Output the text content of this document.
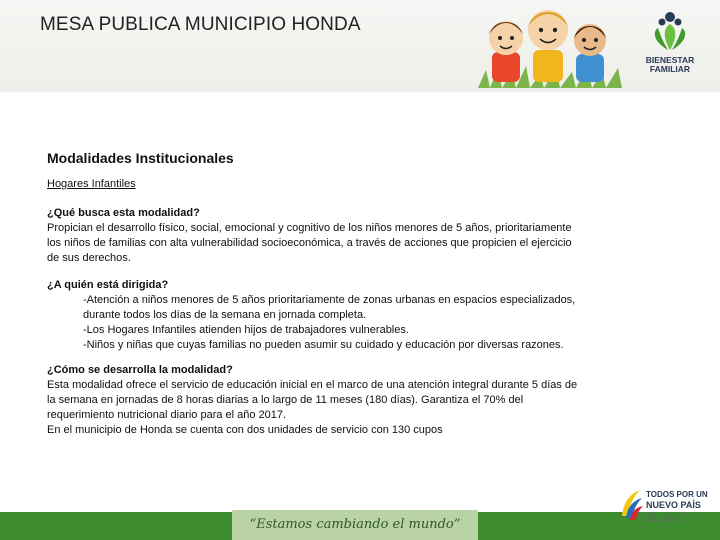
MESA PUBLICA MUNICIPIO HONDA
BIENESTAR
FAMILIAR
Modalidades Institucionales
Hogares Infantiles
¿Qué busca esta modalidad?
Propician el desarrollo físico, social, emocional y cognitivo de los niños menores de 5 años, prioritariamente
los niños de familias con alta vulnerabilidad socioeconómica, a través de acciones que propicien el ejercicio
de sus derechos.
¿A quién está dirigida?
-Atención a niños menores de 5 años prioritariamente de zonas urbanas en espacios especializados,
durante todos los días de la semana en jornada completa.
-Los Hogares Infantiles atienden hijos de trabajadores vulnerables.
-Niños y niñas que cuyas familias no pueden asumir su cuidado y educación por diversas razones.
¿Cómo se desarrolla la modalidad?
Esta modalidad ofrece el servicio de educación inicial en el marco de una atención integral durante 5 días de
la semana en jornadas de 8 horas diarias a lo largo de 11 meses (180 días). Garantiza el 70% del
requerimiento nutricional diario para el año 2017.
En el municipio de Honda se cuenta con dos unidades de servicio con 130 cupos
“Estamos cambiando el mundo”
TODOS POR UN
NUEVO PAÍS
PAZ · EQUIDAD · EDUCACIÓN
